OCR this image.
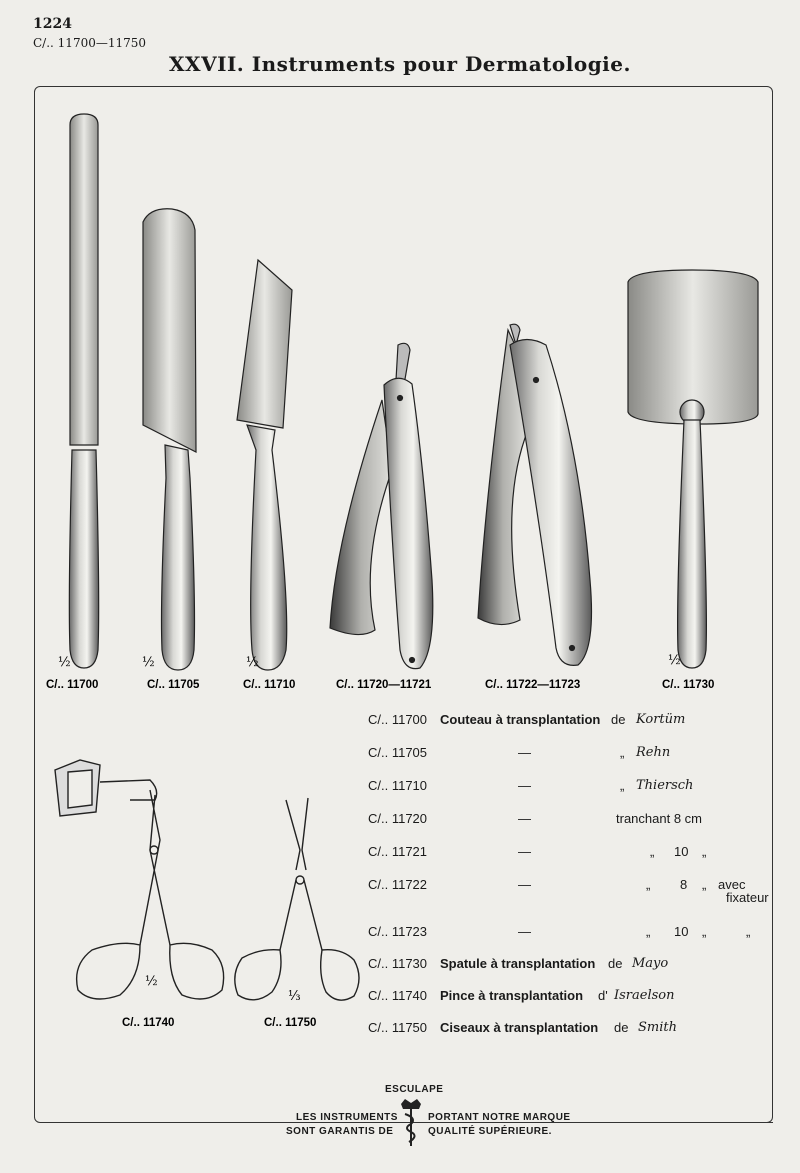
1224
C/.. 11700—11750
XXVII. Instruments pour Dermatologie.
½
C/.. 11700
½
C/.. 11705
½
C/.. 11710	C/.. 11720—11721	C/.. 11722—11723
½
C/.. 11730
½
C/.. 11740
⅓
C/.. 11750
C/.. 11700 Couteau à transplantation de Kortüm
C/.. 11705	—	„ Rehn
C/.. 11710	—	„ Thiersch
C/.. 11720	—	tranchant 8 cm
C/.. 11721	—	„ 10 „
C/.. 11722	—	„ 8 „ avec
fixateur
C/.. 11723	—	„ 10 „	„
C/.. 11730 Spatule à transplantation de Mayo
C/.. 11740 Pince à transplantation d' Israelson
C/.. 11750 Ciseaux à transplantation de Smith
ESCULAPE
LES INSTRUMENTS
SONT GARANTIS DE
PORTANT NOTRE MARQUE
QUALITÉ SUPÉRIEURE.
